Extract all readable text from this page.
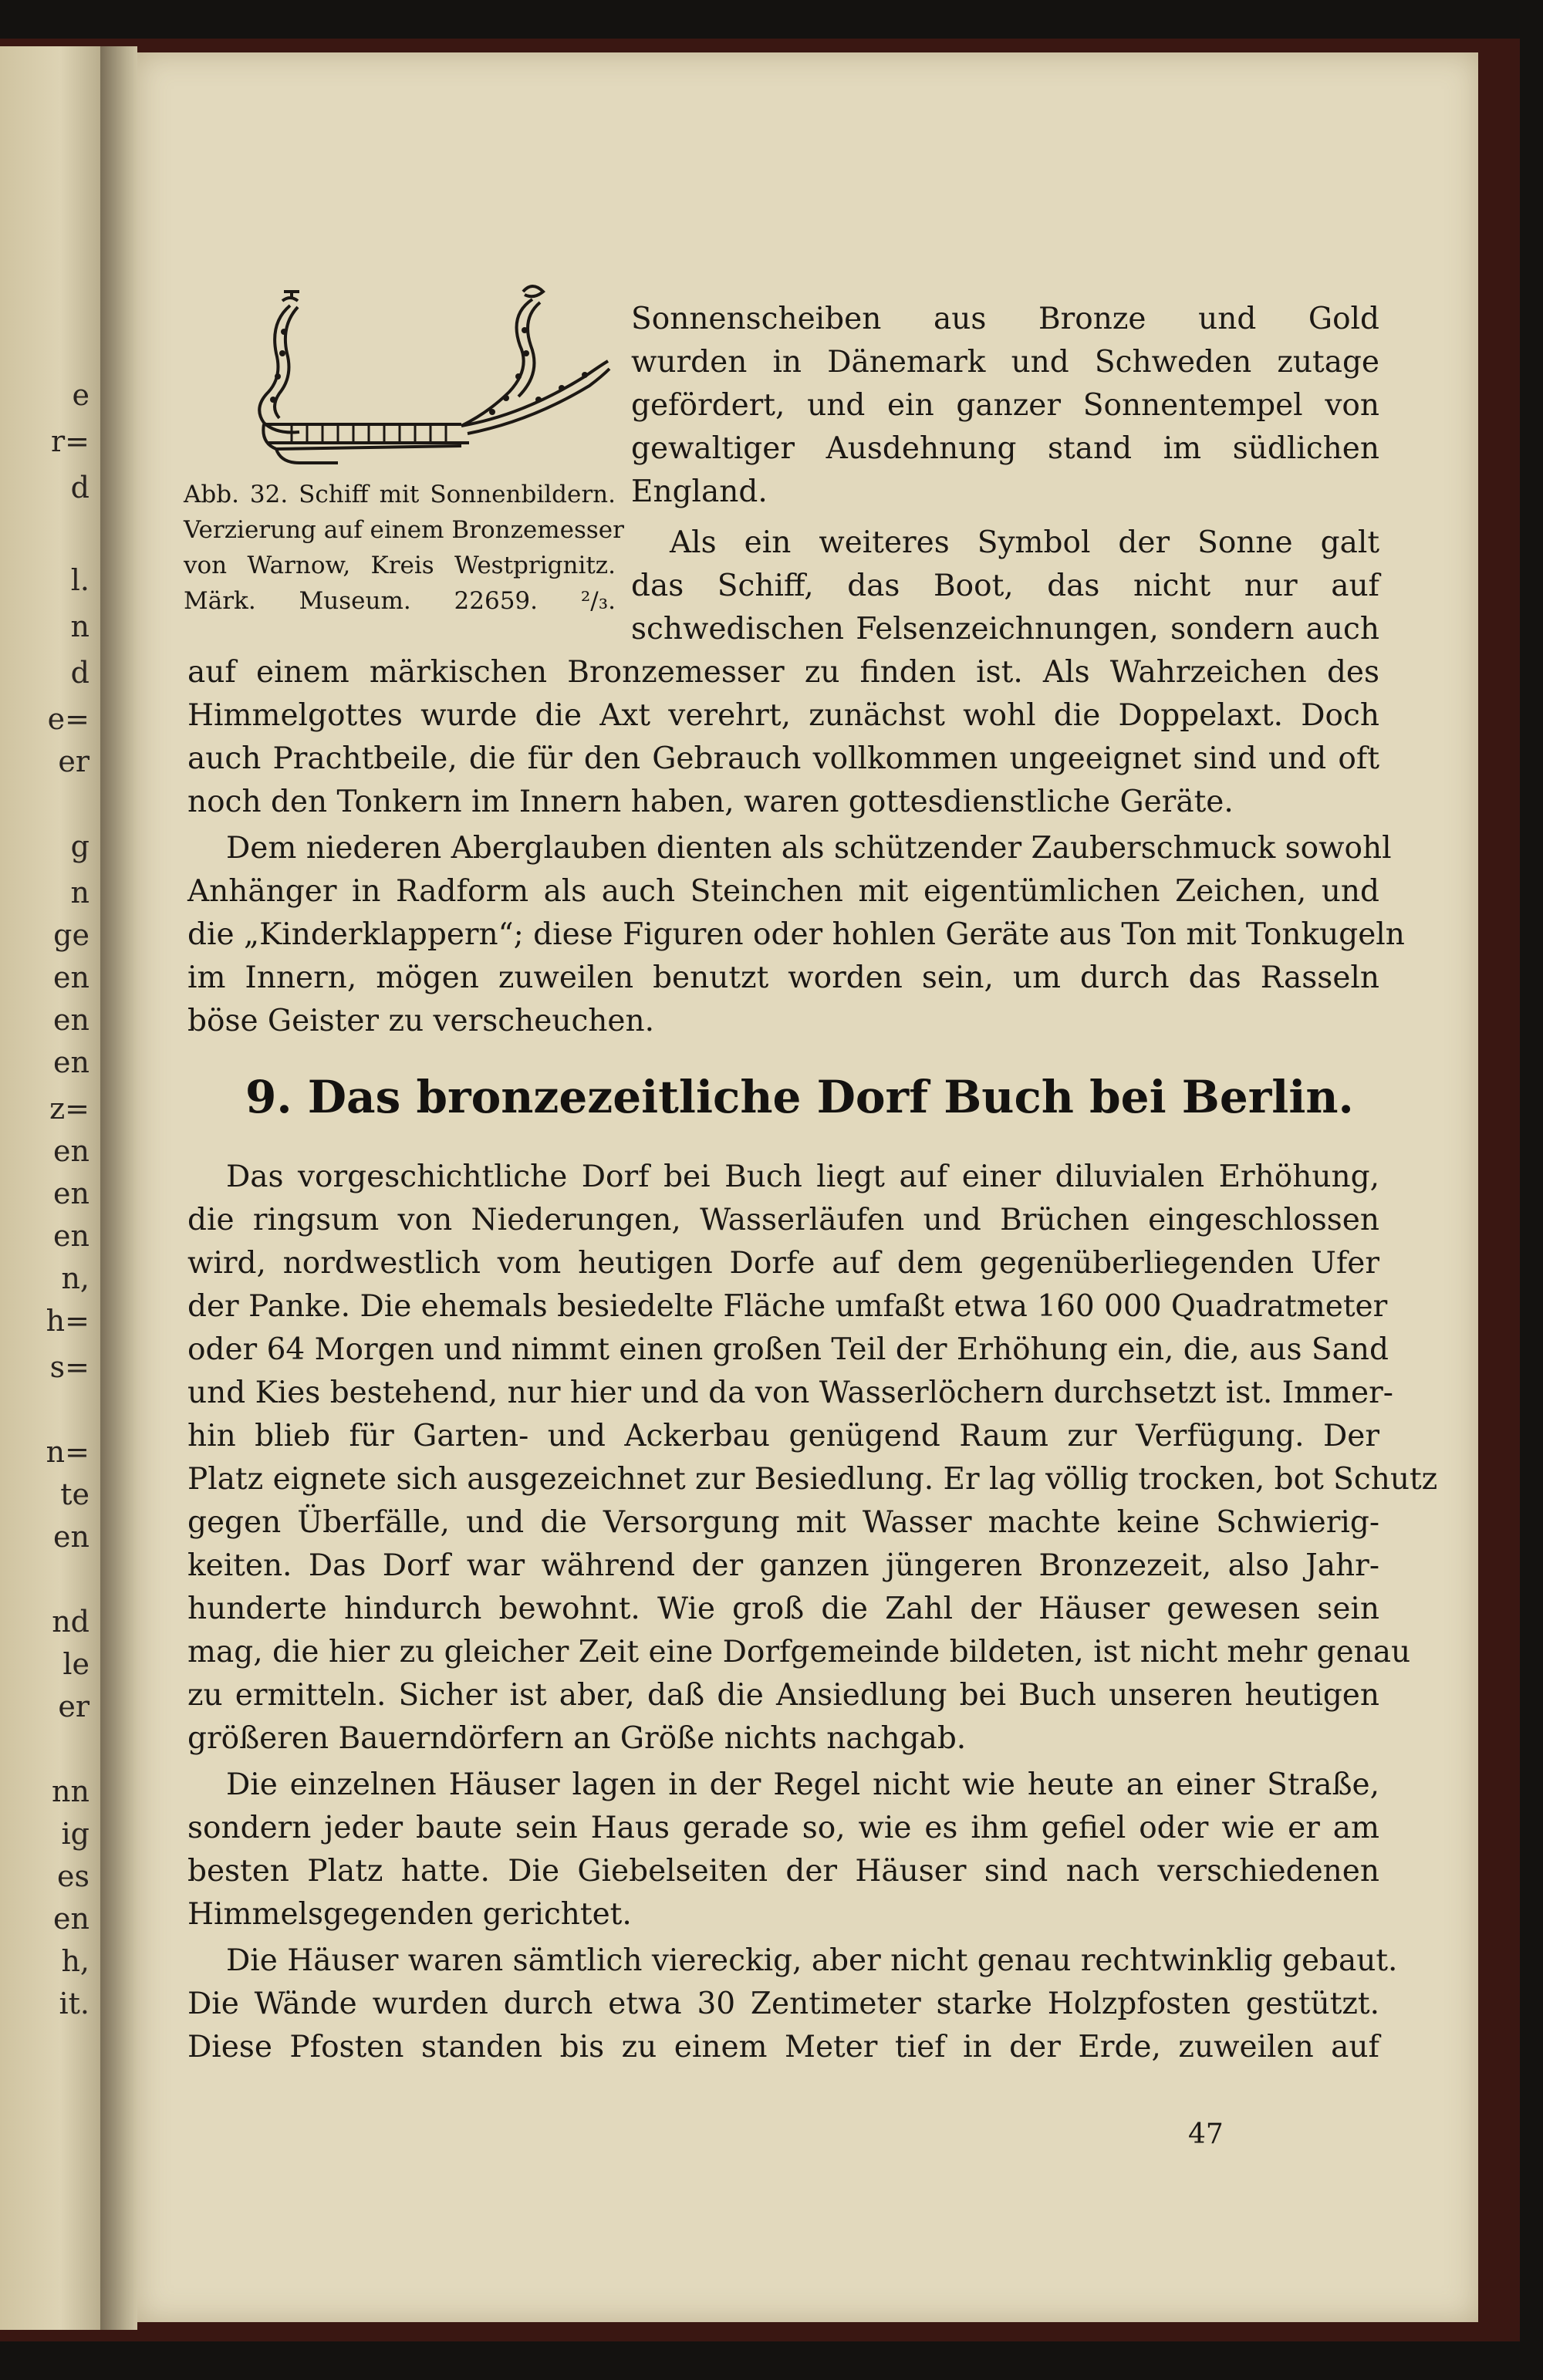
e
r=
d
l.
n
d
e=
er
g
n
ge
en
en
en
z=
en
en
en
n,
h=
s=
n=
te
en
nd
le
er
nn
ig
es
en
h,
it.
Abb. 32. Schiff mit Sonnenbildern.
Verzierung auf einem Bronzemesser
von Warnow, Kreis Westprignitz.
Märk. Museum. 22659. ²/₃.
Sonnenscheiben aus Bronze und Gold
wurden in Dänemark und Schweden zutage
gefördert, und ein ganzer Sonnentempel von
gewaltiger Ausdehnung stand im südlichen
England.
Als ein weiteres Symbol der Sonne galt
das Schiff, das Boot, das nicht nur auf
schwedischen Felsenzeichnungen, sondern auch
auf einem märkischen Bronzemesser zu finden ist. Als Wahrzeichen des
Himmelgottes wurde die Axt verehrt, zunächst wohl die Doppelaxt. Doch
auch Prachtbeile, die für den Gebrauch vollkommen ungeeignet sind und oft
noch den Tonkern im Innern haben, waren gottesdienstliche Geräte.
Dem niederen Aberglauben dienten als schützender Zauberschmuck sowohl
Anhänger in Radform als auch Steinchen mit eigentümlichen Zeichen, und
die „Kinderklappern“; diese Figuren oder hohlen Geräte aus Ton mit Tonkugeln
im Innern, mögen zuweilen benutzt worden sein, um durch das Rasseln
böse Geister zu verscheuchen.
9. Das bronzezeitliche Dorf Buch bei Berlin.
Das vorgeschichtliche Dorf bei Buch liegt auf einer diluvialen Erhöhung,
die ringsum von Niederungen, Wasserläufen und Brüchen eingeschlossen
wird, nordwestlich vom heutigen Dorfe auf dem gegenüberliegenden Ufer
der Panke. Die ehemals besiedelte Fläche umfaßt etwa 160 000 Quadratmeter
oder 64 Morgen und nimmt einen großen Teil der Erhöhung ein, die, aus Sand
und Kies bestehend, nur hier und da von Wasserlöchern durchsetzt ist. Immer-
hin blieb für Garten- und Ackerbau genügend Raum zur Verfügung. Der
Platz eignete sich ausgezeichnet zur Besiedlung. Er lag völlig trocken, bot Schutz
gegen Überfälle, und die Versorgung mit Wasser machte keine Schwierig-
keiten. Das Dorf war während der ganzen jüngeren Bronzezeit, also Jahr-
hunderte hindurch bewohnt. Wie groß die Zahl der Häuser gewesen sein
mag, die hier zu gleicher Zeit eine Dorfgemeinde bildeten, ist nicht mehr genau
zu ermitteln. Sicher ist aber, daß die Ansiedlung bei Buch unseren heutigen
größeren Bauerndörfern an Größe nichts nachgab.
Die einzelnen Häuser lagen in der Regel nicht wie heute an einer Straße,
sondern jeder baute sein Haus gerade so, wie es ihm gefiel oder wie er am
besten Platz hatte. Die Giebelseiten der Häuser sind nach verschiedenen
Himmelsgegenden gerichtet.
Die Häuser waren sämtlich viereckig, aber nicht genau rechtwinklig gebaut.
Die Wände wurden durch etwa 30 Zentimeter starke Holzpfosten gestützt.
Diese Pfosten standen bis zu einem Meter tief in der Erde, zuweilen auf
47
